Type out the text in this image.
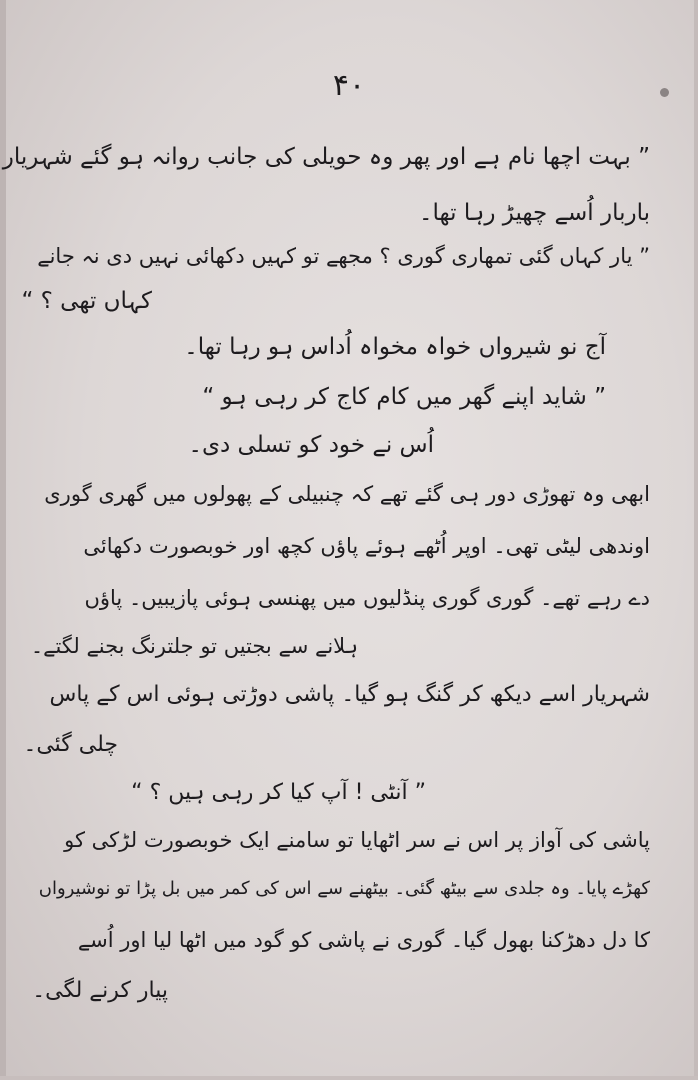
۴۰
” بہت اچھا نام ہے اور پھر وہ حویلی کی جانب روانہ ہو گئے شہریار
باربار اُسے چھیڑ رہا تھا۔
” یار کہاں گئی تمھاری گوری ؟ مجھے تو کہیں دکھائی نہیں دی نہ جانے
کہاں تھی ؟ “
آج نو شیرواں خواہ مخواہ اُداس ہو رہا تھا۔
” شاید اپنے گھر میں کام کاج کر رہی ہو “
اُس نے خود کو تسلی دی۔
ابھی وہ تھوڑی دور ہی گئے تھے کہ چنبیلی کے پھولوں میں گھری گوری
اوندھی لیٹی تھی۔ اوپر اُٹھے ہوئے پاؤں کچھ اور خوبصورت دکھائی
دے رہے تھے۔ گوری گوری پنڈلیوں میں پھنسی ہوئی پازیبیں۔ پاؤں
ہلانے سے بجتیں تو جلترنگ بجنے لگتے۔
شہریار اسے دیکھ کر گنگ ہو گیا۔ پاشی دوڑتی ہوئی اس کے پاس
چلی گئی۔
” آنٹی ! آپ کیا کر رہی ہیں ؟ “
پاشی کی آواز پر اس نے سر اٹھایا تو سامنے ایک خوبصورت لڑکی کو
کھڑے پایا۔ وہ جلدی سے بیٹھ گئی۔ بیٹھنے سے اس کی کمر میں بل پڑا تو نوشیرواں
کا دل دھڑکنا بھول گیا۔ گوری نے پاشی کو گود میں اٹھا لیا اور اُسے
پیار کرنے لگی۔
